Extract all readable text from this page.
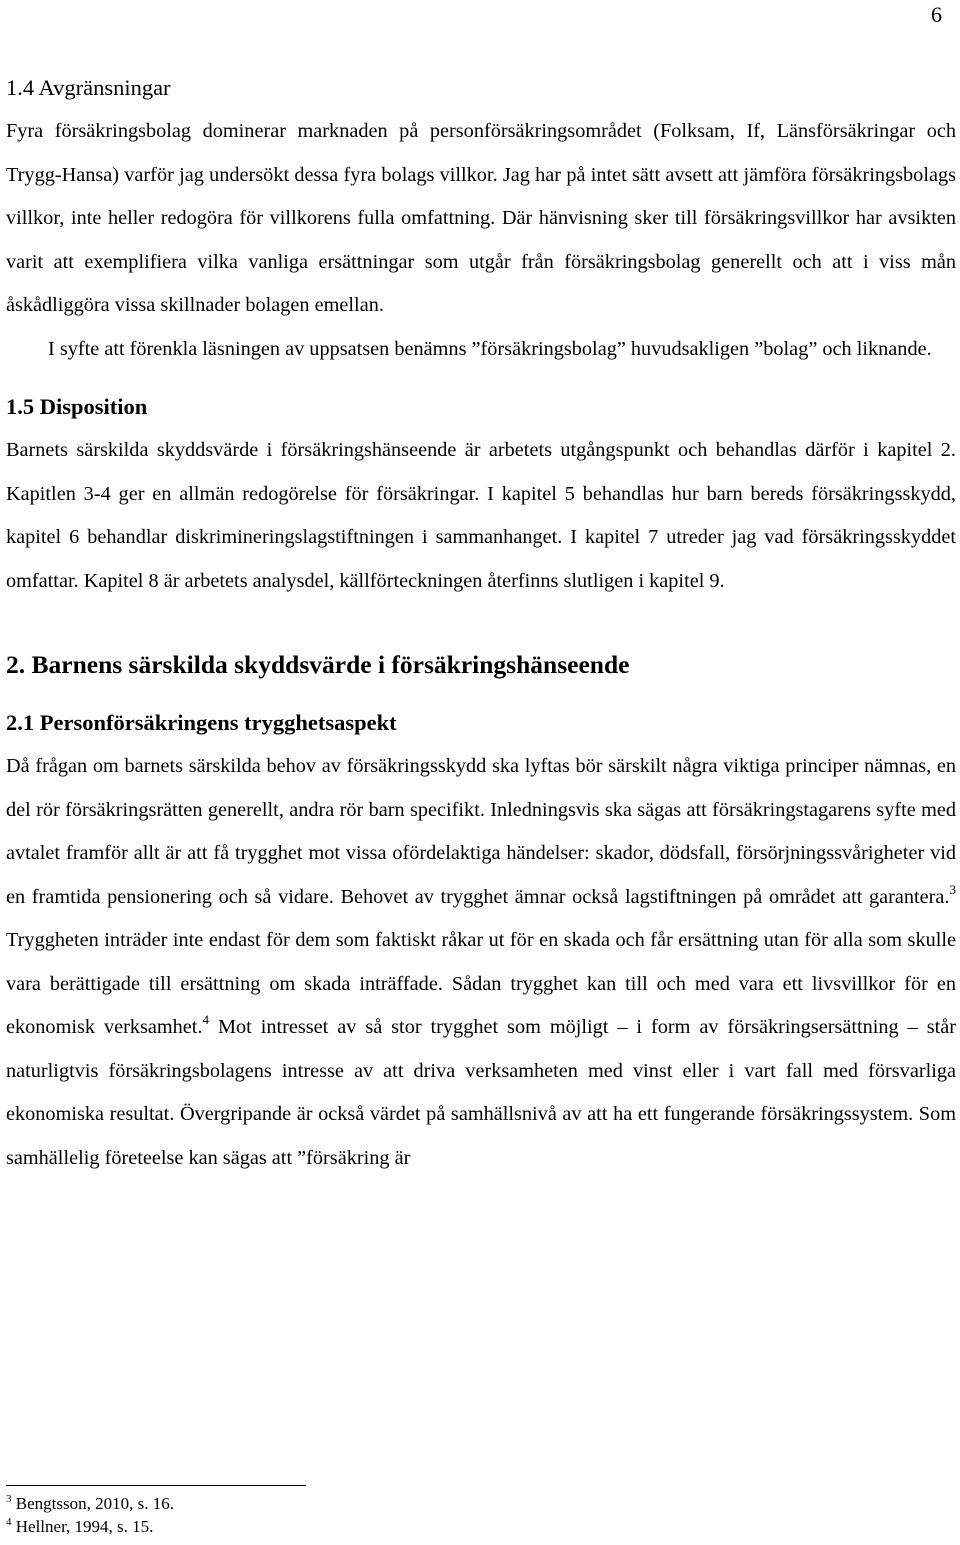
6
1.4 Avgränsningar

Fyra försäkringsbolag dominerar marknaden på personförsäkringsområdet (Folksam, If, Länsförsäkringar och Trygg-Hansa) varför jag undersökt dessa fyra bolags villkor. Jag har på intet sätt avsett att jämföra försäkringsbolags villkor, inte heller redogöra för villkorens fulla omfattning. Där hänvisning sker till försäkringsvillkor har avsikten varit att exemplifiera vilka vanliga ersättningar som utgår från försäkringsbolag generellt och att i viss mån åskådliggöra vissa skillnader bolagen emellan.

I syfte att förenkla läsningen av uppsatsen benämns ”försäkringsbolag” huvudsakligen ”bolag” och liknande.

1.5 Disposition

Barnets särskilda skyddsvärde i försäkringshänseende är arbetets utgångspunkt och behandlas därför i kapitel 2. Kapitlen 3-4 ger en allmän redogörelse för försäkringar. I kapitel 5 behandlas hur barn bereds försäkringsskydd, kapitel 6 behandlar diskrimineringslagstiftningen i sammanhanget. I kapitel 7 utreder jag vad försäkringsskyddet omfattar. Kapitel 8 är arbetets analysdel, källförteckningen återfinns slutligen i kapitel 9.

2. Barnens särskilda skyddsvärde i försäkringshänseende
2.1 Personförsäkringens trygghetsaspekt

Då frågan om barnets särskilda behov av försäkringsskydd ska lyftas bör särskilt några viktiga principer nämnas, en del rör försäkringsrätten generellt, andra rör barn specifikt. Inledningsvis ska sägas att försäkringstagarens syfte med avtalet framför allt är att få trygghet mot vissa ofördelaktiga händelser: skador, dödsfall, försörjningssvårigheter vid en framtida pensionering och så vidare. Behovet av trygghet ämnar också lagstiftningen på området att garantera.$^3$ Tryggheten inträder inte endast för dem som faktiskt råkar ut för en skada och får ersättning utan för alla som skulle vara berättigade till ersättning om skada inträffade. Sådan trygghet kan till och med vara ett livsvillkor för en ekonomisk verksamhet.$^4$ Mot intresset av så stor trygghet som möjligt – i form av försäkringsersättning – står naturligtvis försäkringsbolagens intresse av att driva verksamheten med vinst eller i vart fall med försvarliga ekonomiska resultat. Övergripande är också värdet på samhällsnivå av att ha ett fungerande försäkringssystem. Som samhällelig företeelse kan sägas att ”försäkring är

$^3$ Bengtsson, 2010, s. 16.
$^4$ Hellner, 1994, s. 15.
